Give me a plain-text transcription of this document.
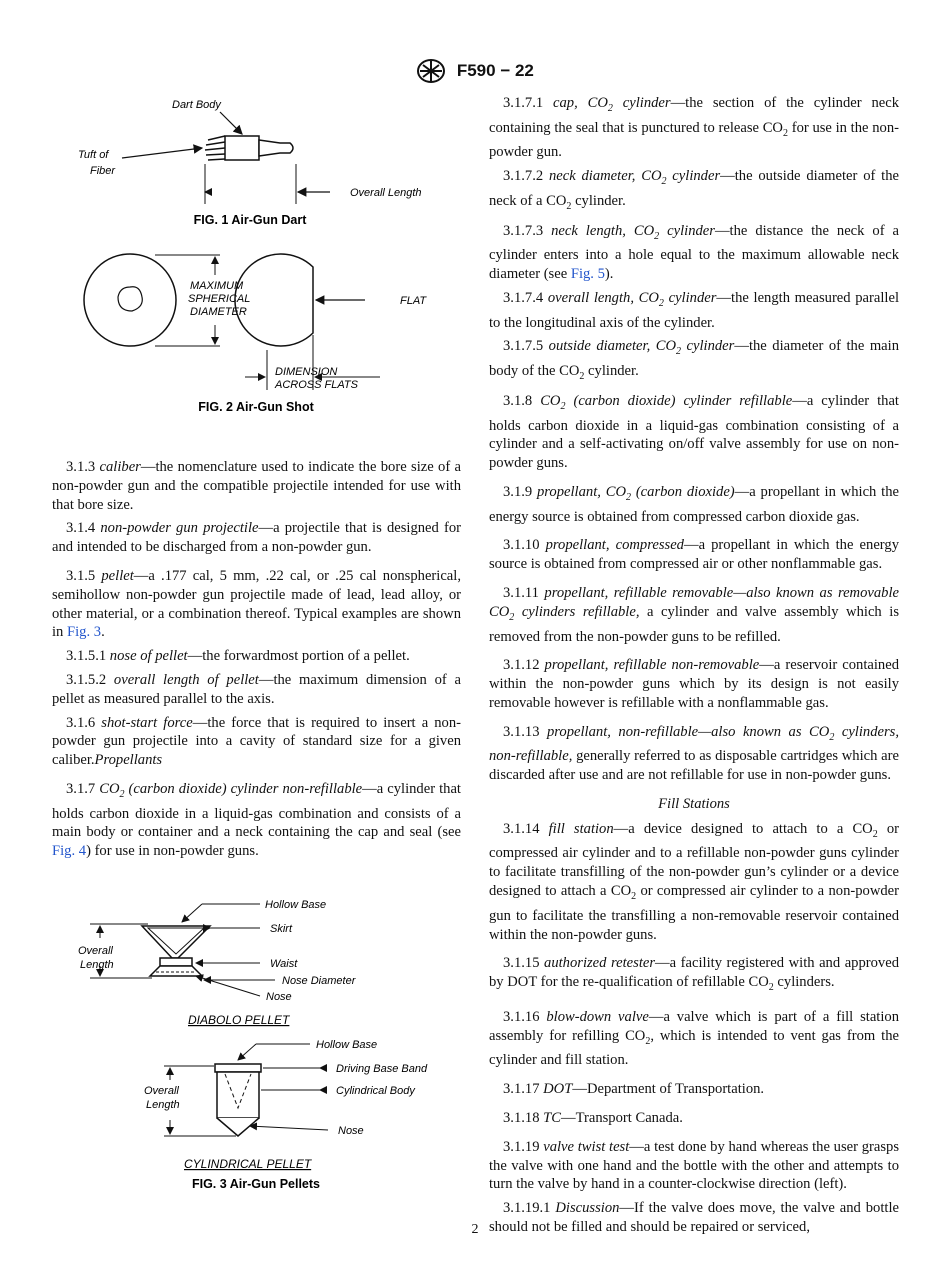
F590 − 22
Dart Body
Tuft of
Fiber
Overall Length
FIG. 1 Air-Gun Dart
MAXIMUM
SPHERICAL
DIAMETER
FLAT
DIMENSION
ACROSS FLATS
FIG. 2 Air-Gun Shot
Hollow Base
Skirt
Overall
Length	Waist
Nose Diameter
Nose
DIABOLO PELLET
Hollow Base
Driving Base Band
Cylindrical Body
Overall
Length
Nose
CYLINDRICAL PELLET
FIG. 3 Air-Gun Pellets

3.1.3 caliber—the nomenclature used to indicate the bore size of a non-powder gun and the compatible projectile intended for use with that bore size.

3.1.4 non-powder gun projectile—a projectile that is designed for and intended to be discharged from a non-powder gun.

3.1.5 pellet—a .177 cal, 5 mm, .22 cal, or .25 cal nonspherical, semihollow non-powder gun projectile made of lead, lead alloy, or other material, or a combination thereof. Typical examples are shown in Fig. 3.

3.1.5.1 nose of pellet—the forwardmost portion of a pellet.

3.1.5.2 overall length of pellet—the maximum dimension of a pellet as measured parallel to the axis.

3.1.6 shot-start force—the force that is required to insert a non-powder gun projectile into a cavity of standard size for a given caliber.Propellants

3.1.7 $CO_2$ (carbon dioxide) cylinder non-refillable—a cylinder that holds carbon dioxide in a liquid-gas combination and consists of a main body or container and a neck containing the cap and seal (see Fig. 4) for use in non-powder guns.

3.1.7.1 cap, $CO_2$ cylinder—the section of the cylinder neck containing the seal that is punctured to release $CO_2$ for use in the non-powder gun.

3.1.7.2 neck diameter, $CO_2$ cylinder—the outside diameter of the neck of a $CO_2$ cylinder.

3.1.7.3 neck length, $CO_2$ cylinder—the distance the neck of a cylinder enters into a hole equal to the maximum allowable neck diameter (see Fig. 5).

3.1.7.4 overall length, $CO_2$ cylinder—the length measured parallel to the longitudinal axis of the cylinder.

3.1.7.5 outside diameter, $CO_2$ cylinder—the diameter of the main body of the $CO_2$ cylinder.

3.1.8 $CO_2$ (carbon dioxide) cylinder refillable—a cylinder that holds carbon dioxide in a liquid-gas combination consisting of a cylinder and a self-activating on/off valve assembly for use on non-powder guns.

3.1.9 propellant, $CO_2$ (carbon dioxide)—a propellant in which the energy source is obtained from compressed carbon dioxide gas.

3.1.10 propellant, compressed—a propellant in which the energy source is obtained from compressed air or other nonflammable gas.

3.1.11 propellant, refillable removable—also known as removable $CO_2$ cylinders refillable, a cylinder and valve assembly which is removed from the non-powder guns to be refilled.

3.1.12 propellant, refillable non-removable—a reservoir contained within the non-powder guns which by its design is not easily removable however is refillable with a nonflammable gas.

3.1.13 propellant, non-refillable—also known as $CO_2$ cylinders, non-refillable, generally referred to as disposable cartridges which are discarded after use and are not refillable for use in non-powder guns.

Fill Stations

3.1.14 fill station—a device designed to attach to a $CO_2$ or compressed air cylinder and to a refillable non-powder guns cylinder to facilitate transfilling of the non-powder gun’s cylinder or a device designed to attach a $CO_2$ or compressed air cylinder to a non-powder gun to facilitate the transfilling a non-removable reservoir contained within the non-powder guns.

3.1.15 authorized retester—a facility registered with and approved by DOT for the re-qualification of refillable $CO_2$ cylinders.

3.1.16 blow-down valve—a valve which is part of a fill station assembly for refilling $CO_2$, which is intended to vent gas from the cylinder and fill station.

3.1.17 DOT—Department of Transportation.

3.1.18 TC—Transport Canada.

3.1.19 valve twist test—a test done by hand whereas the user grasps the valve with one hand and the bottle with the other and attempts to turn the valve by hand in a counter-clockwise direction (left).

3.1.19.1 Discussion—If the valve does move, the valve and bottle should not be filled and should be repaired or serviced,

2
